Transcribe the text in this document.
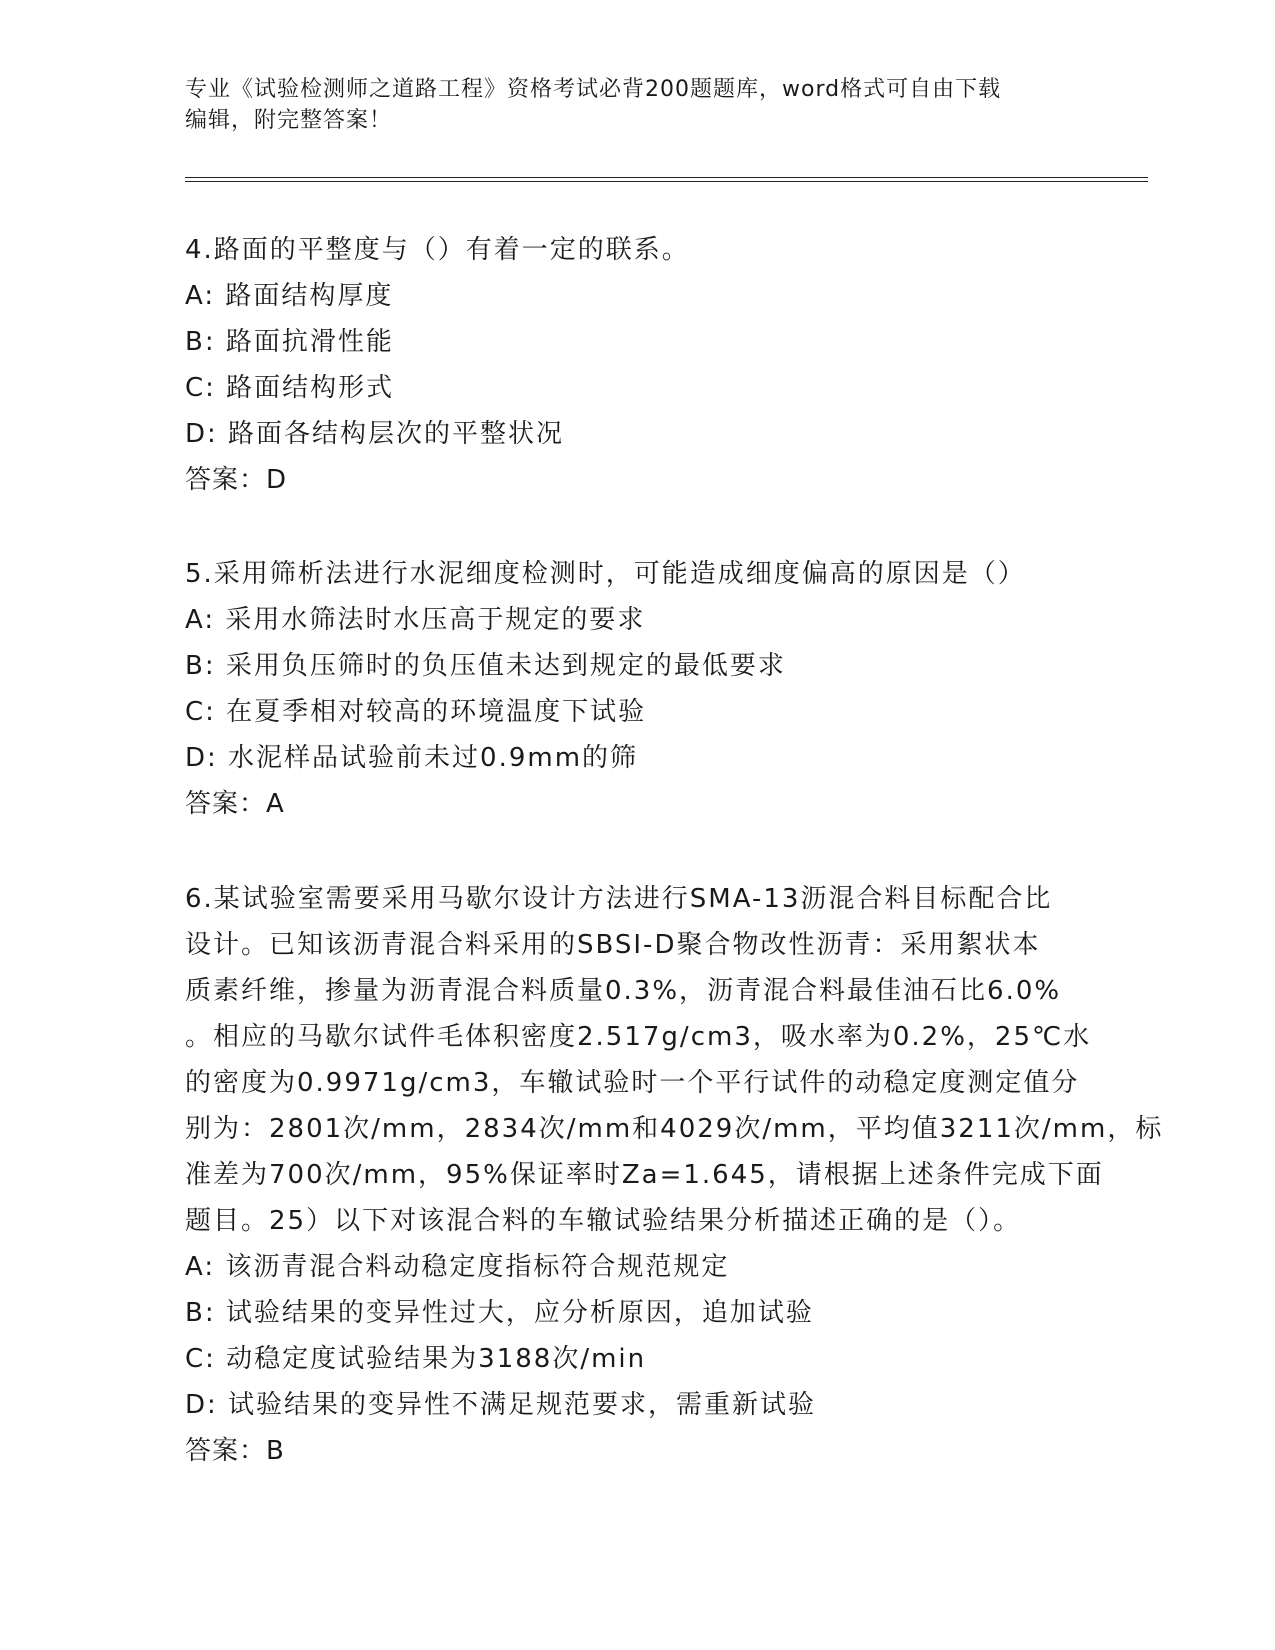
专业《试验检测师之道路工程》资格考试必背200题题库，word格式可自由下载
编辑，附完整答案！
4.路面的平整度与（）有着一定的联系。
A: 路面结构厚度
B: 路面抗滑性能
C: 路面结构形式
D: 路面各结构层次的平整状况
答案：D
5.采用筛析法进行水泥细度检测时，可能造成细度偏高的原因是（）
A: 采用水筛法时水压高于规定的要求
B: 采用负压筛时的负压值未达到规定的最低要求
C: 在夏季相对较高的环境温度下试验
D: 水泥样品试验前未过0.9mm的筛
答案：A
6.某试验室需要采用马歇尔设计方法进行SMA-13沥混合料目标配合比
设计。已知该沥青混合料采用的SBSI-D聚合物改性沥青：采用絮状本
质素纤维，掺量为沥青混合料质量0.3%，沥青混合料最佳油石比6.0%
。相应的马歇尔试件毛体积密度2.517g/cm3，吸水率为0.2%，25℃水
的密度为0.9971g/cm3，车辙试验时一个平行试件的动稳定度测定值分
别为：2801次/mm，2834次/mm和4029次/mm，平均值3211次/mm，标
准差为700次/mm，95%保证率时Za=1.645，请根据上述条件完成下面
题目。25）以下对该混合料的车辙试验结果分析描述正确的是（）。
A: 该沥青混合料动稳定度指标符合规范规定
B: 试验结果的变异性过大，应分析原因，追加试验
C: 动稳定度试验结果为3188次/min
D: 试验结果的变异性不满足规范要求，需重新试验
答案：B
